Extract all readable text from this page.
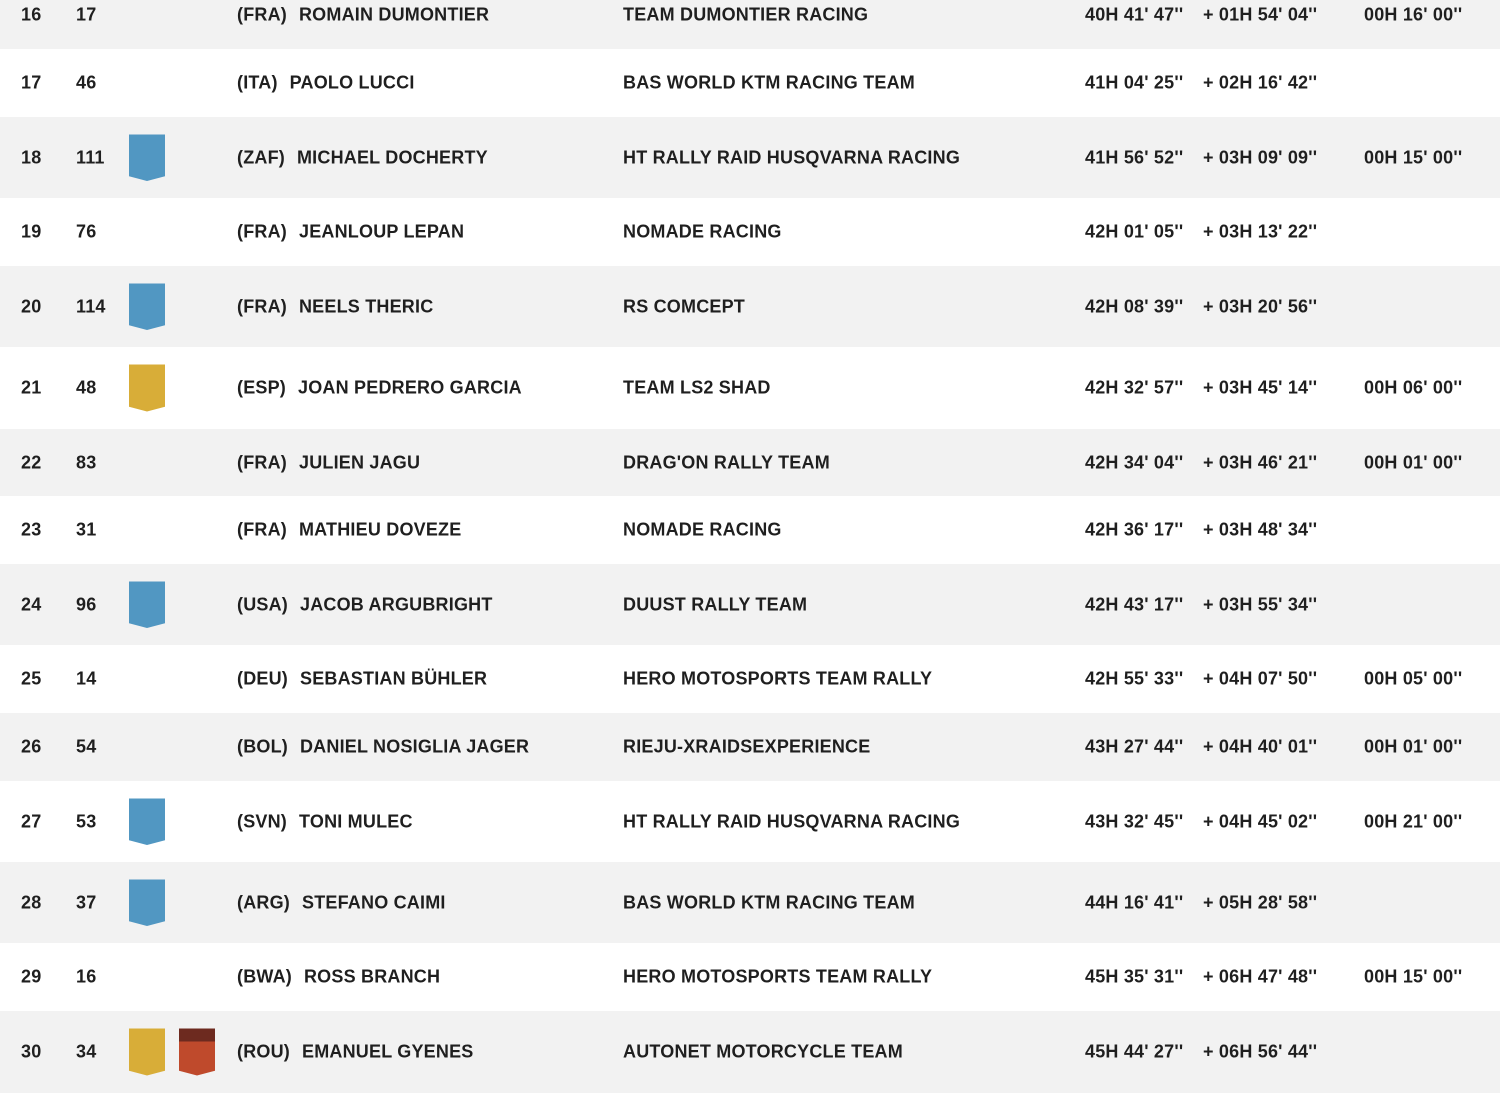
16 17	(FRA) ROMAIN DUMONTIER	TEAM DUMONTIER RACING	40H 41' 47'' + 01H 54' 04''	00H 16' 00''
17 46	(ITA) PAOLO LUCCI	BAS WORLD KTM RACING TEAM	41H 04' 25'' + 02H 16' 42''
18 111	(ZAF) MICHAEL DOCHERTY	HT RALLY RAID HUSQVARNA RACING	41H 56' 52'' + 03H 09' 09''	00H 15' 00''
19 76	(FRA) JEANLOUP LEPAN	NOMADE RACING	42H 01' 05'' + 03H 13' 22''
20 114	(FRA) NEELS THERIC	RS COMCEPT	42H 08' 39'' + 03H 20' 56''
21 48	(ESP) JOAN PEDRERO GARCIA	TEAM LS2 SHAD	42H 32' 57'' + 03H 45' 14''	00H 06' 00''
22 83	(FRA) JULIEN JAGU	DRAG'ON RALLY TEAM	42H 34' 04'' + 03H 46' 21''	00H 01' 00''
23 31	(FRA) MATHIEU DOVEZE	NOMADE RACING	42H 36' 17'' + 03H 48' 34''
24 96	(USA) JACOB ARGUBRIGHT	DUUST RALLY TEAM	42H 43' 17'' + 03H 55' 34''
25 14	(DEU) SEBASTIAN BÜHLER	HERO MOTOSPORTS TEAM RALLY	42H 55' 33'' + 04H 07' 50''	00H 05' 00''
26 54	(BOL) DANIEL NOSIGLIA JAGER	RIEJU-XRAIDSEXPERIENCE	43H 27' 44'' + 04H 40' 01''	00H 01' 00''
27 53	(SVN) TONI MULEC	HT RALLY RAID HUSQVARNA RACING	43H 32' 45'' + 04H 45' 02''	00H 21' 00''
28 37	(ARG) STEFANO CAIMI	BAS WORLD KTM RACING TEAM	44H 16' 41'' + 05H 28' 58''
29 16	(BWA) ROSS BRANCH	HERO MOTOSPORTS TEAM RALLY	45H 35' 31'' + 06H 47' 48''	00H 15' 00''
30 34	(ROU) EMANUEL GYENES	AUTONET MOTORCYCLE TEAM	45H 44' 27'' + 06H 56' 44''
